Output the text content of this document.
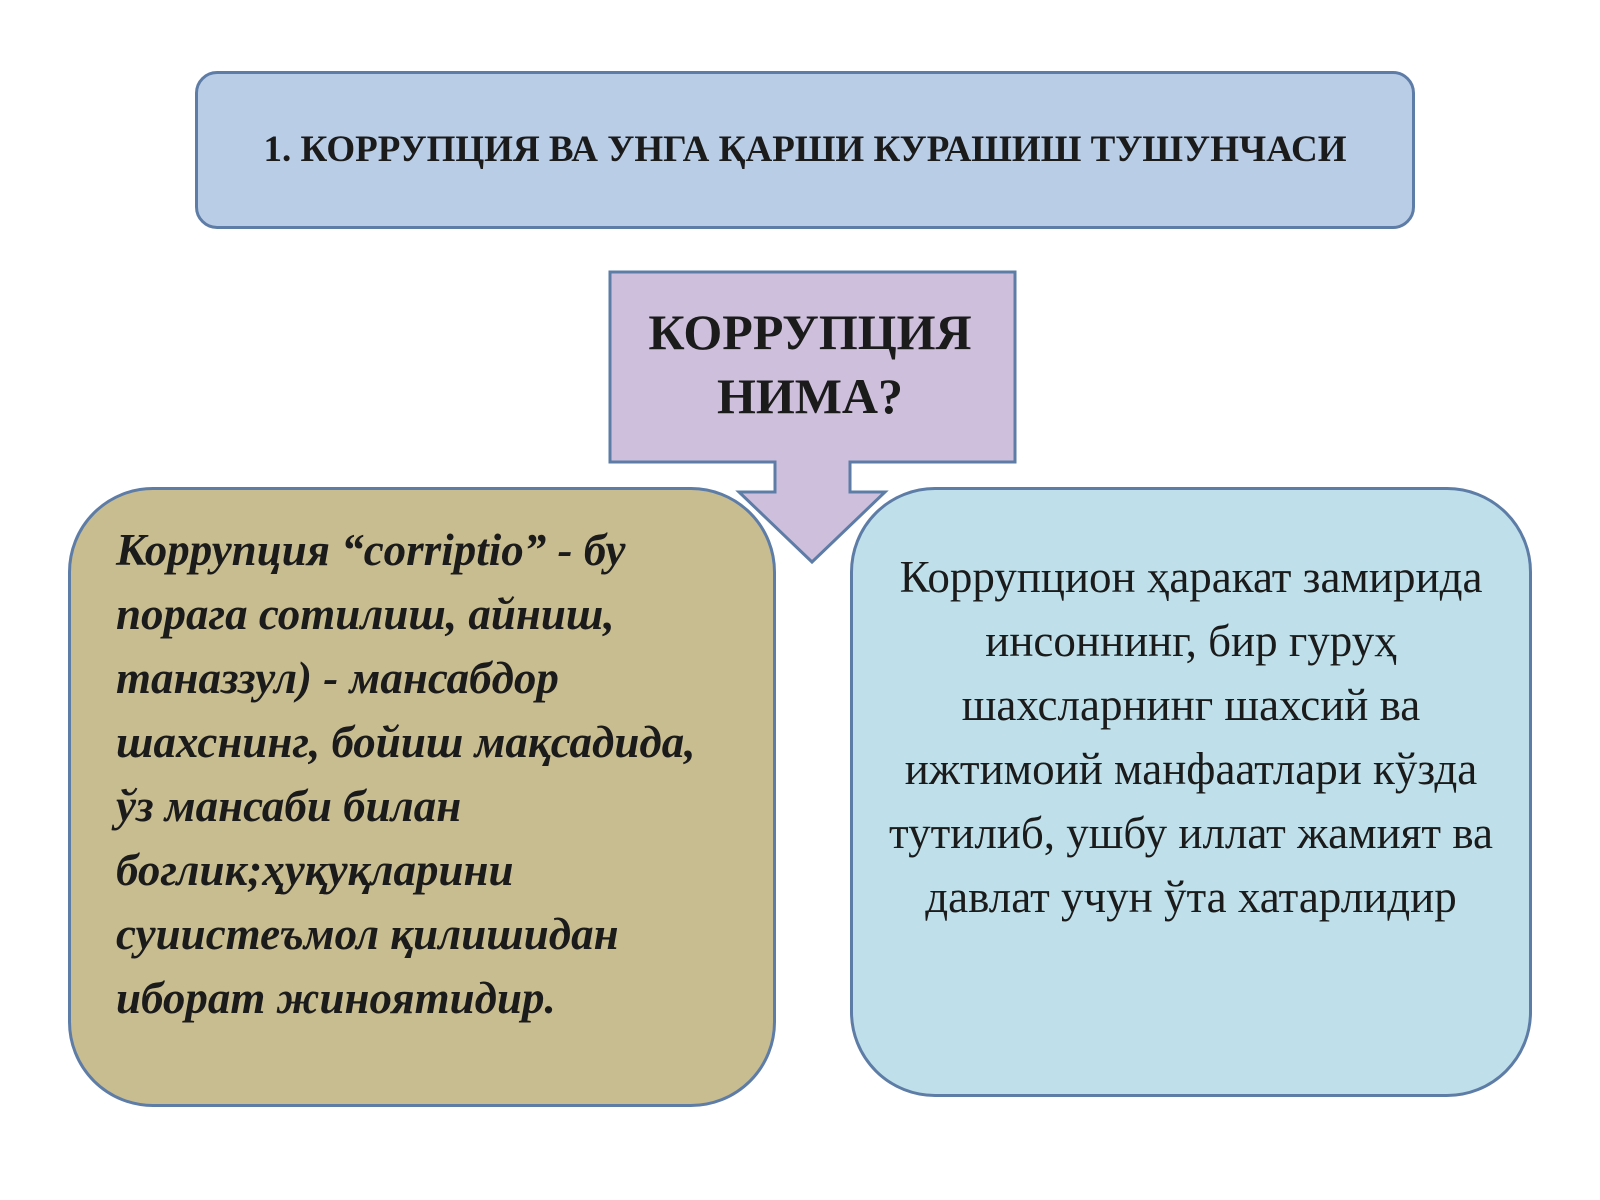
1. КОРРУПЦИЯ ВА УНГА ҚАРШИ КУРАШИШ ТУШУНЧАСИ
КОРРУПЦИЯ НИМА?
Коррупция “corriptio” - бу порага сотилиш, айниш, таназзул) - мансабдор шахснинг, бойиш мақсадида, ўз мансаби билан боглик;ҳуқуқларини суиистеъмол қилишидан иборат жиноятидир.
Коррупцион ҳаракат замирида инсоннинг, бир гуруҳ шахсларнинг шахсий ва ижтимоий манфаатлари кўзда тутилиб, ушбу иллат жамият ва давлат учун ўта хатарлидир
